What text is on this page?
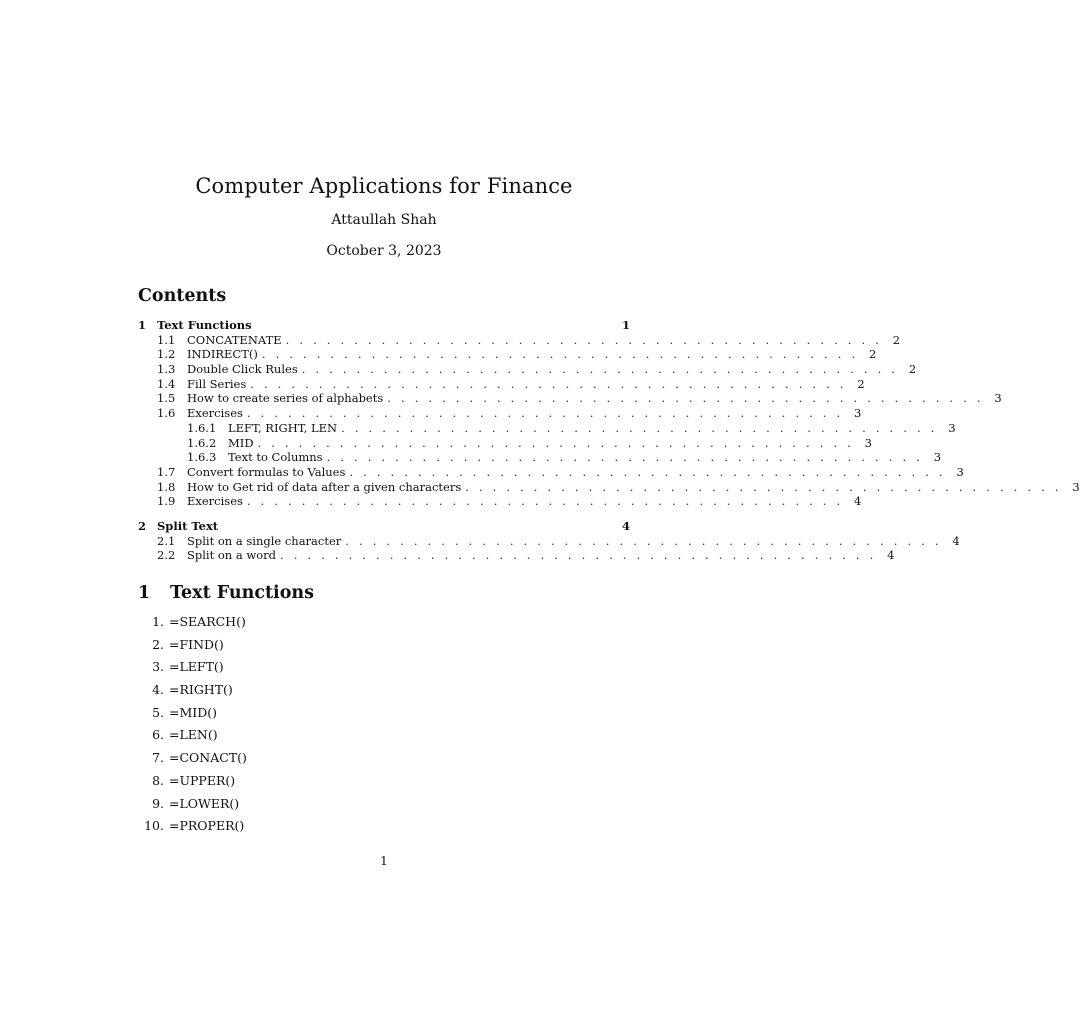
Computer Applications for Finance
Attaullah Shah
October 3, 2023
Contents
1 Text Functions	1
1.1	CONCATENATE . . . . . . . . . . . . . . . . . . . . . . . . . . . . . . . . . . . . . . . . . . . . 2
1.2	INDIRECT() . . . . . . . . . . . . . . . . . . . . . . . . . . . . . . . . . . . . . . . . . . . . 2
1.3	Double Click Rules . . . . . . . . . . . . . . . . . . . . . . . . . . . . . . . . . . . . . . . . . . . . 2
1.4	Fill Series . . . . . . . . . . . . . . . . . . . . . . . . . . . . . . . . . . . . . . . . . . . . 2
1.5	How to create series of alphabets . . . . . . . . . . . . . . . . . . . . . . . . . . . . . . . . . . . . . . . . . . . . 3
1.6	Exercises . . . . . . . . . . . . . . . . . . . . . . . . . . . . . . . . . . . . . . . . . . . . 3
1.6.1	LEFT, RIGHT, LEN . . . . . . . . . . . . . . . . . . . . . . . . . . . . . . . . . . . . . . . . . . . . 3
1.6.2	MID . . . . . . . . . . . . . . . . . . . . . . . . . . . . . . . . . . . . . . . . . . . . 3
1.6.3	Text to Columns . . . . . . . . . . . . . . . . . . . . . . . . . . . . . . . . . . . . . . . . . . . . 3
1.7	Convert formulas to Values . . . . . . . . . . . . . . . . . . . . . . . . . . . . . . . . . . . . . . . . . . . . 3
1.8	How to Get rid of data after a given characters . . . . . . . . . . . . . . . . . . . . . . . . . . . . . . . . . . . . . . . . . . . . 3
1.9	Exercises . . . . . . . . . . . . . . . . . . . . . . . . . . . . . . . . . . . . . . . . . . . . 4
2 Split Text	4
2.1	Split on a single character . . . . . . . . . . . . . . . . . . . . . . . . . . . . . . . . . . . . . . . . . . . . 4
2.2	Split on a word . . . . . . . . . . . . . . . . . . . . . . . . . . . . . . . . . . . . . . . . . . . . 4
1 Text Functions
1. =SEARCH()
2. =FIND()
3. =LEFT()
4. =RIGHT()
5. =MID()
6. =LEN()
7. =CONACT()
8. =UPPER()
9. =LOWER()
10. =PROPER()
1
